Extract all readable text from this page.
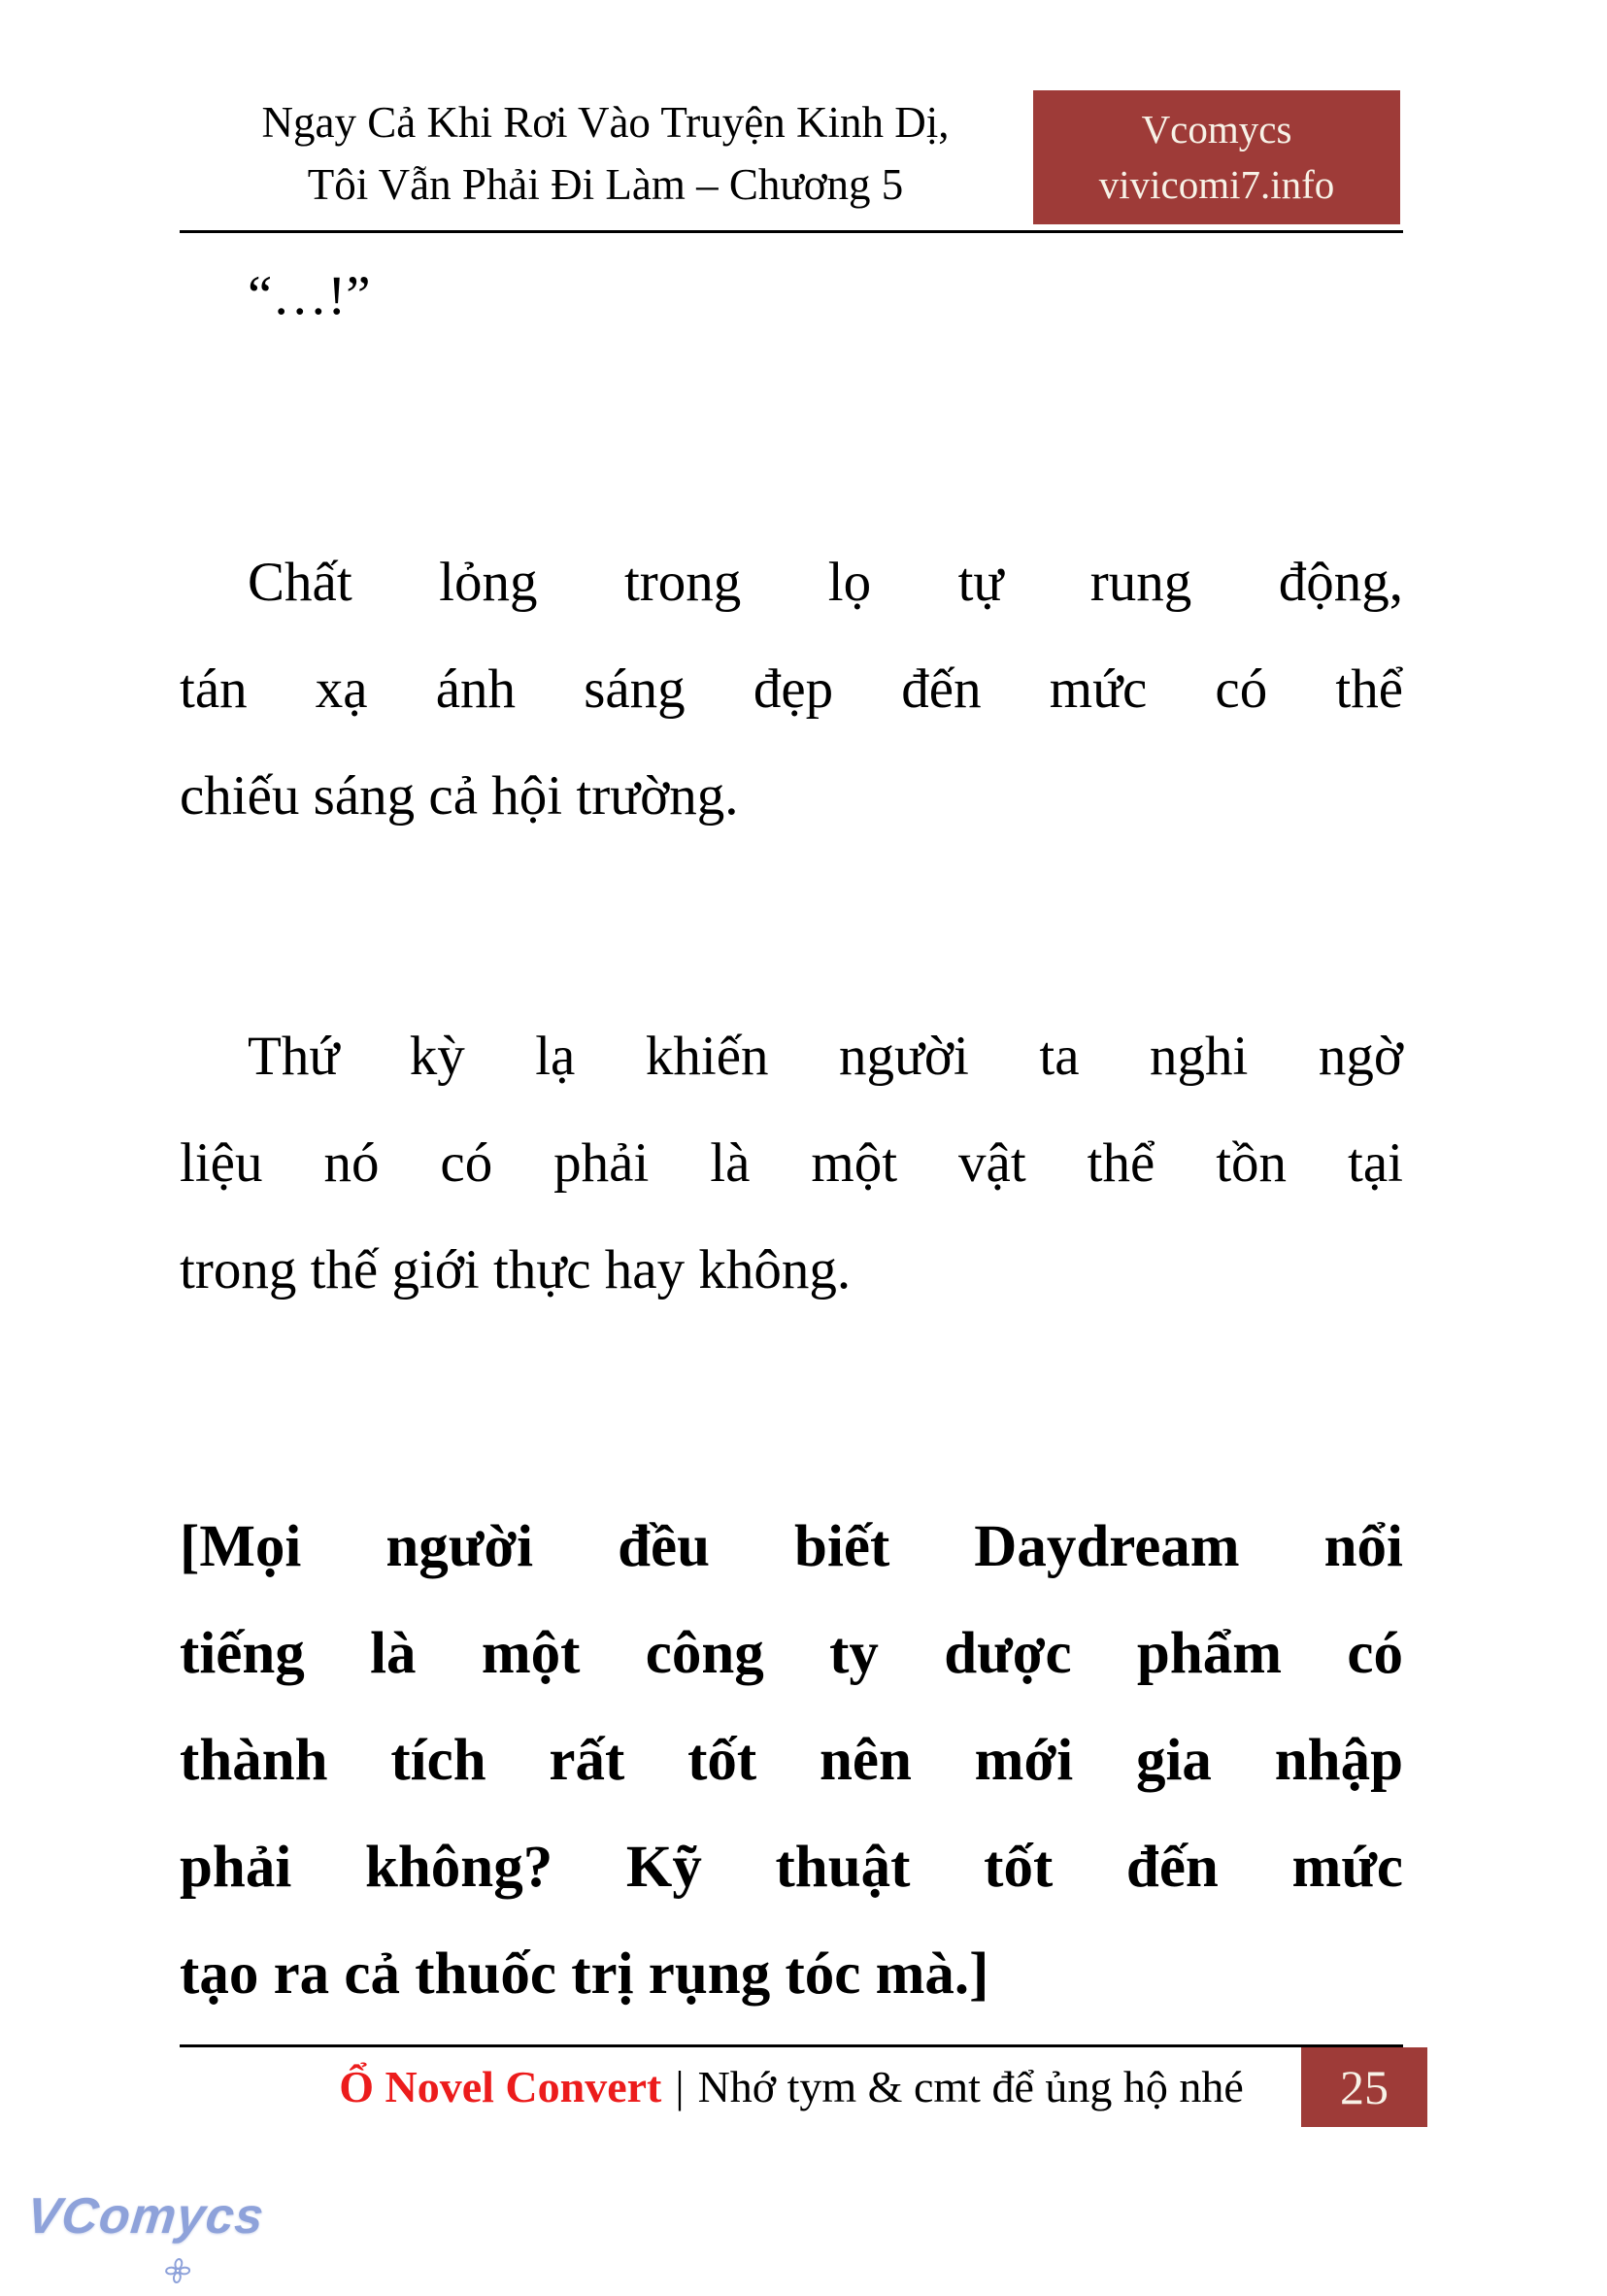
Ngay Cả Khi Rơi Vào Truyện Kinh Dị,
Tôi Vẫn Phải Đi Làm – Chương 5
Vcomycs
vivicomi7.info
“…!”
Chất lỏng trong lọ tự rung động,
tán xạ ánh sáng đẹp đến mức có thể
chiếu sáng cả hội trường.
Thứ kỳ lạ khiến người ta nghi ngờ
liệu nó có phải là một vật thể tồn tại
trong thế giới thực hay không.
[Mọi người đều biết Daydream nổi
tiếng là một công ty dược phẩm có
thành tích rất tốt nên mới gia nhập
phải không? Kỹ thuật tốt đến mức
tạo ra cả thuốc trị rụng tóc mà.]
Ổ Novel Convert | Nhớ tym & cmt để ủng hộ nhé	25
VComycs
